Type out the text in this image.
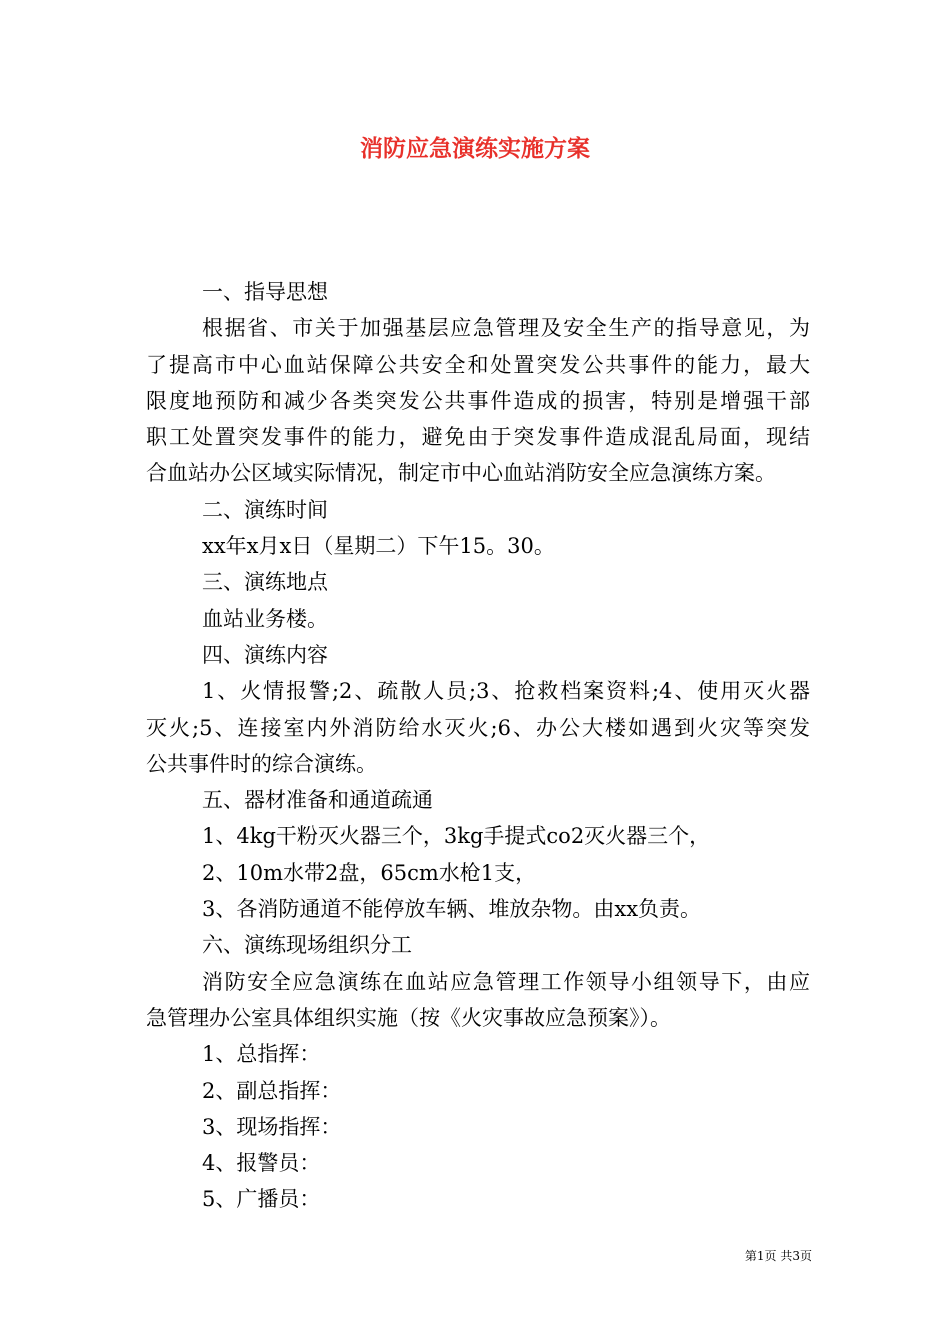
消防应急演练实施方案

一、指导思想

根据省、市关于加强基层应急管理及安全生产的指导意见，为

了提高市中心血站保障公共安全和处置突发公共事件的能力，最大

限度地预防和减少各类突发公共事件造成的损害，特别是增强干部

职工处置突发事件的能力，避免由于突发事件造成混乱局面，现结

合血站办公区域实际情况，制定市中心血站消防安全应急演练方案。

二、演练时间

xx年x月x日（星期二）下午15。30。

三、演练地点

血站业务楼。

四、演练内容

1、火情报警;2、疏散人员;3、抢救档案资料;4、使用灭火器

灭火;5、连接室内外消防给水灭火;6、办公大楼如遇到火灾等突发

公共事件时的综合演练。

五、器材准备和通道疏通

1、4kg干粉灭火器三个，3kg手提式co2灭火器三个，

2、10m水带2盘，65cm水枪1支，

3、各消防通道不能停放车辆、堆放杂物。由xx负责。

六、演练现场组织分工

消防安全应急演练在血站应急管理工作领导小组领导下，由应

急管理办公室具体组织实施（按《火灾事故应急预案》）。

1、总指挥：

2、副总指挥：

3、现场指挥：

4、报警员：

5、广播员：

第1页 共3页
